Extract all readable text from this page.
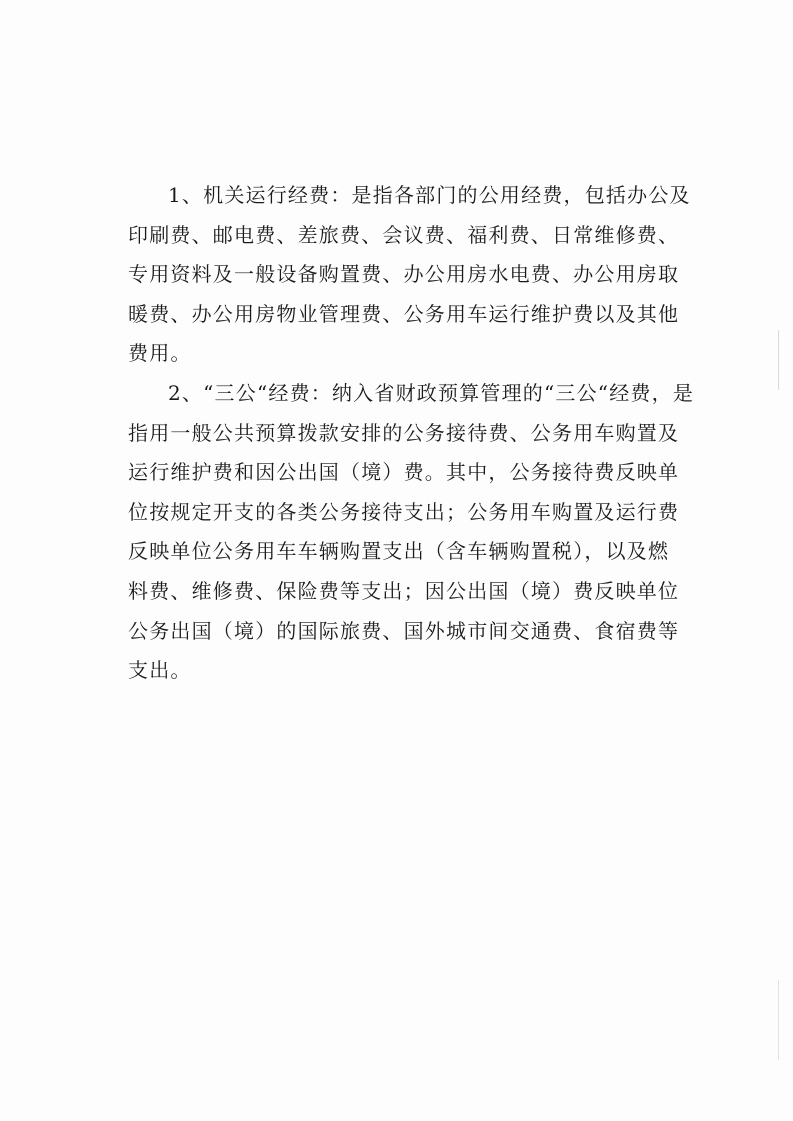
1、机关运行经费：是指各部门的公用经费，包括办公及
印刷费、邮电费、差旅费、会议费、福利费、日常维修费、
专用资料及一般设备购置费、办公用房水电费、办公用房取
暖费、办公用房物业管理费、公务用车运行维护费以及其他
费用。
2、“三公“经费：纳入省财政预算管理的“三公“经费，是
指用一般公共预算拨款安排的公务接待费、公务用车购置及
运行维护费和因公出国（境）费。其中，公务接待费反映单
位按规定开支的各类公务接待支出；公务用车购置及运行费
反映单位公务用车车辆购置支出（含车辆购置税），以及燃
料费、维修费、保险费等支出；因公出国（境）费反映单位
公务出国（境）的国际旅费、国外城市间交通费、食宿费等
支出。
